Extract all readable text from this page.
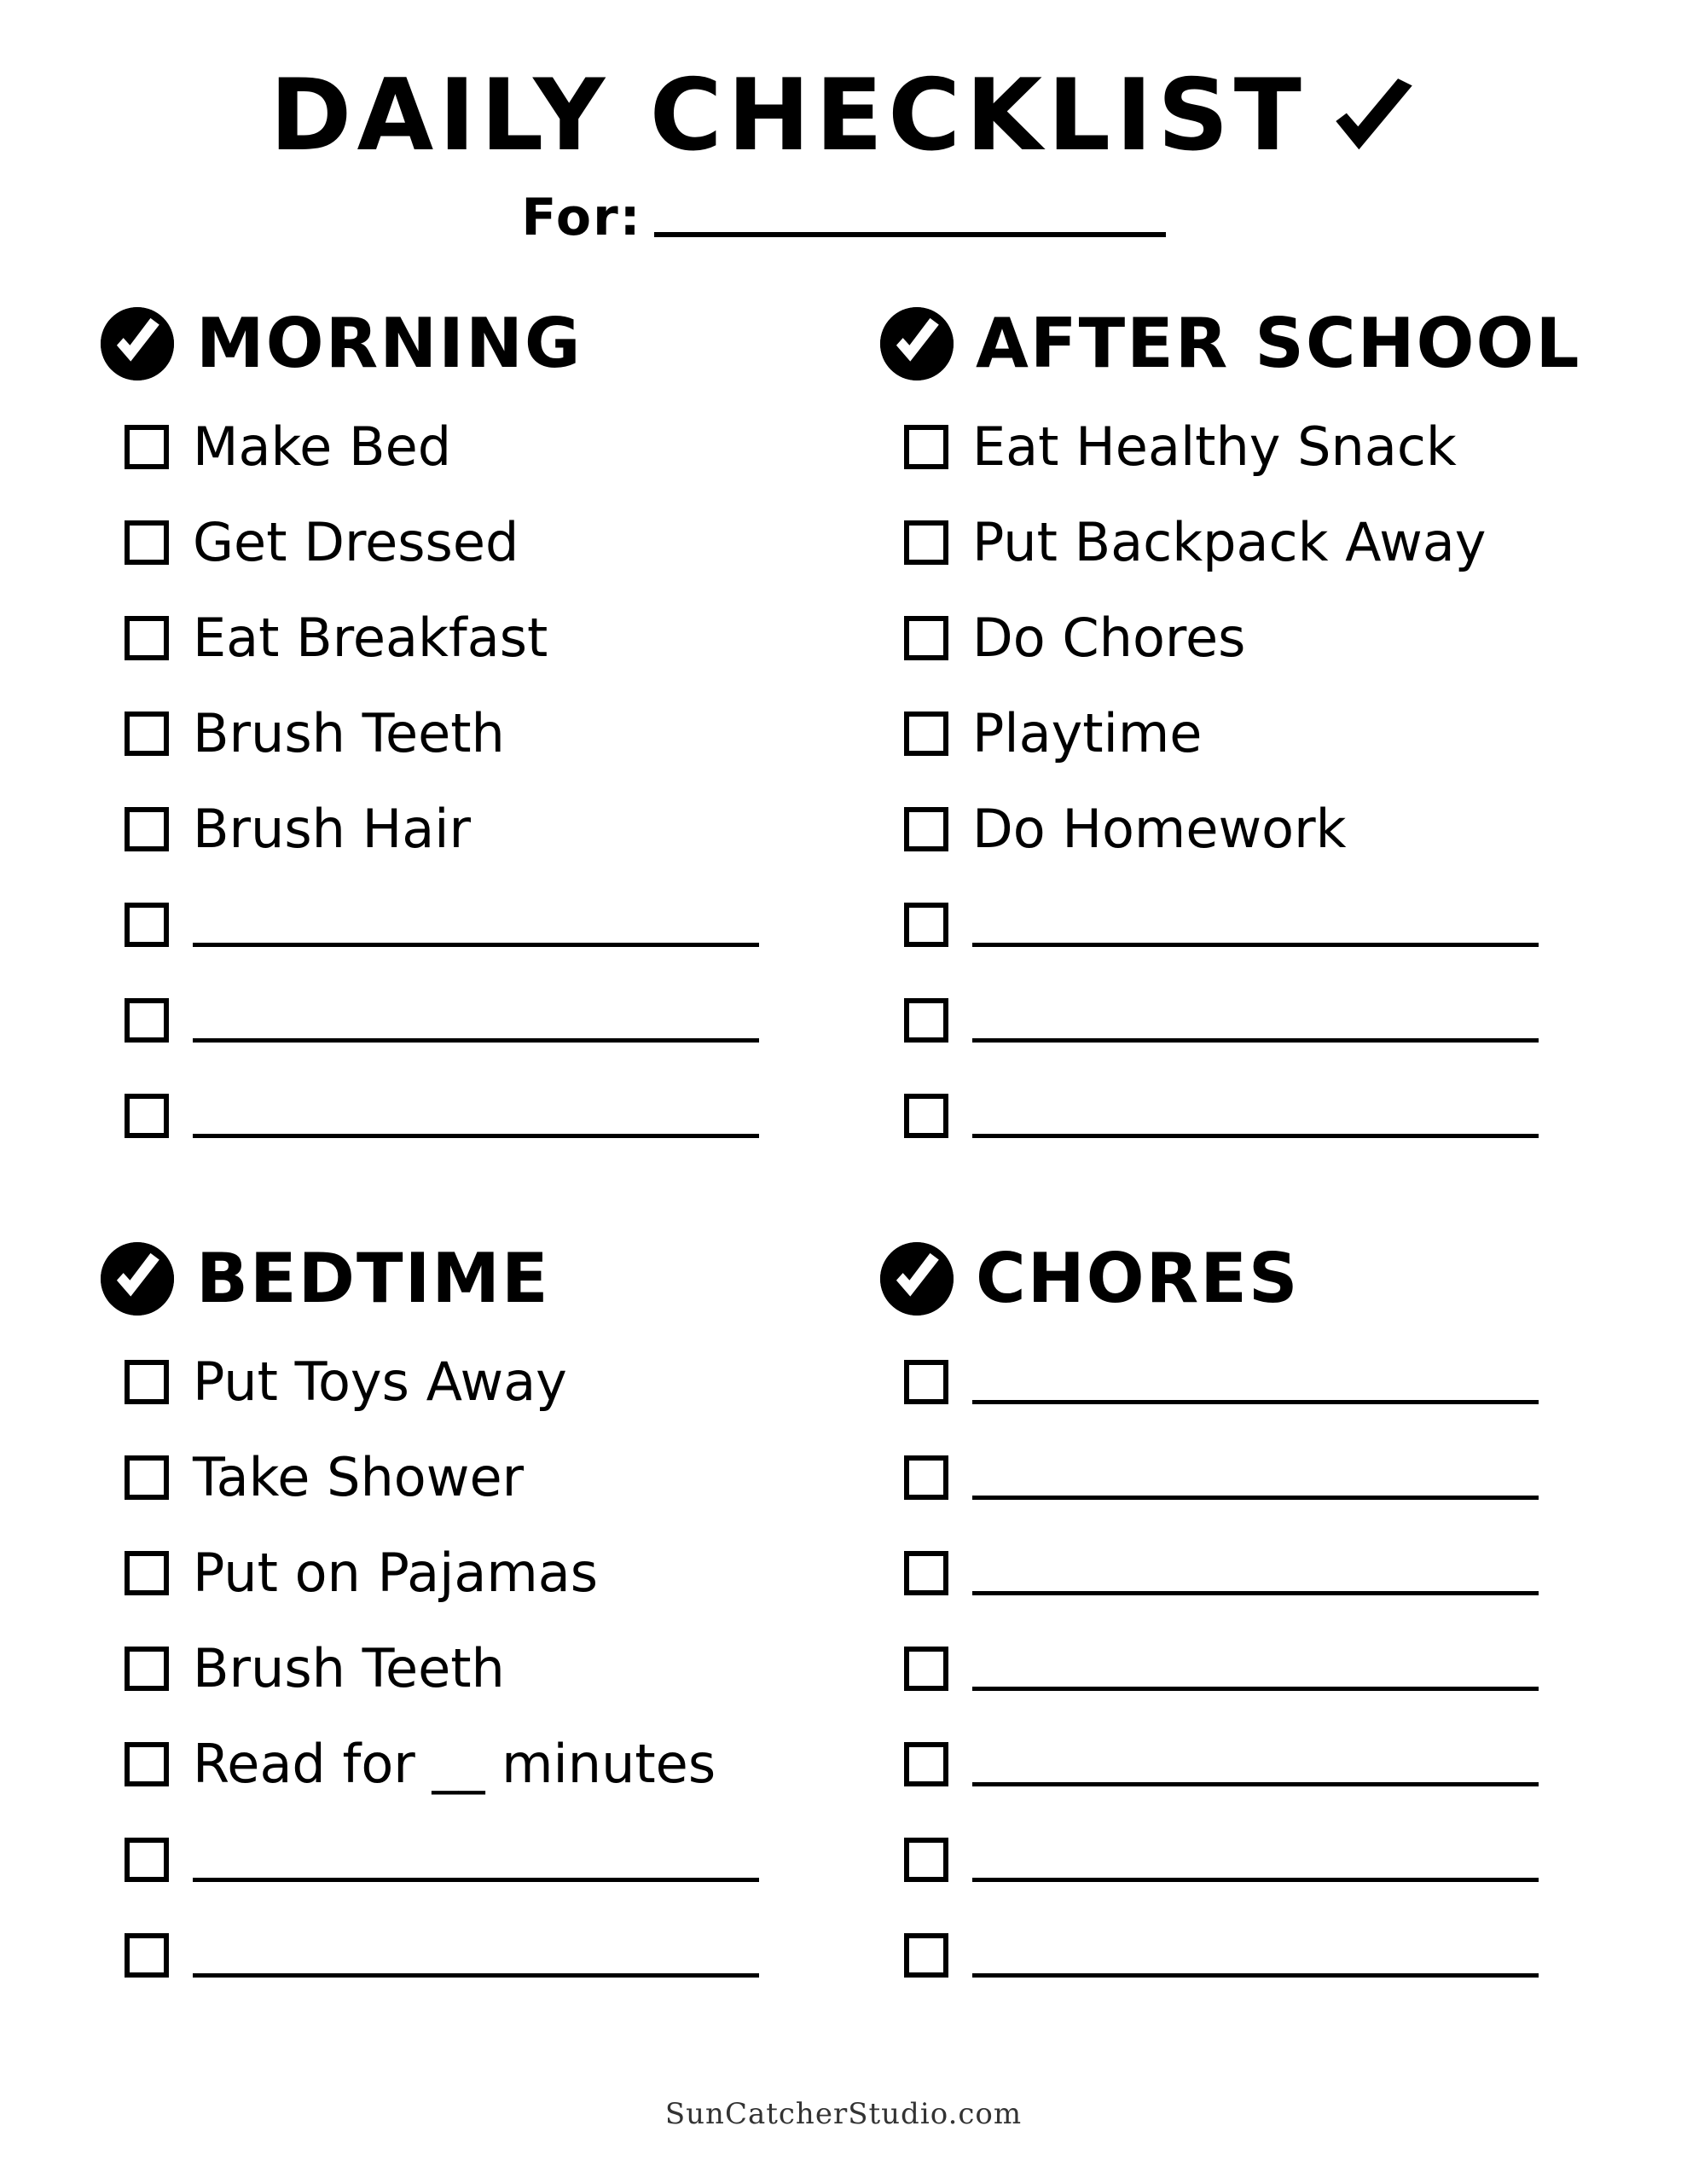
DAILY CHECKLIST
For:
MORNING
Make Bed
Get Dressed
Eat Breakfast
Brush Teeth
Brush Hair
AFTER SCHOOL
Eat Healthy Snack
Put Backpack Away
Do Chores
Playtime
Do Homework
BEDTIME
Put Toys Away
Take Shower
Put on Pajamas
Brush Teeth
Read for __ minutes
CHORES
SunCatcherStudio.com
